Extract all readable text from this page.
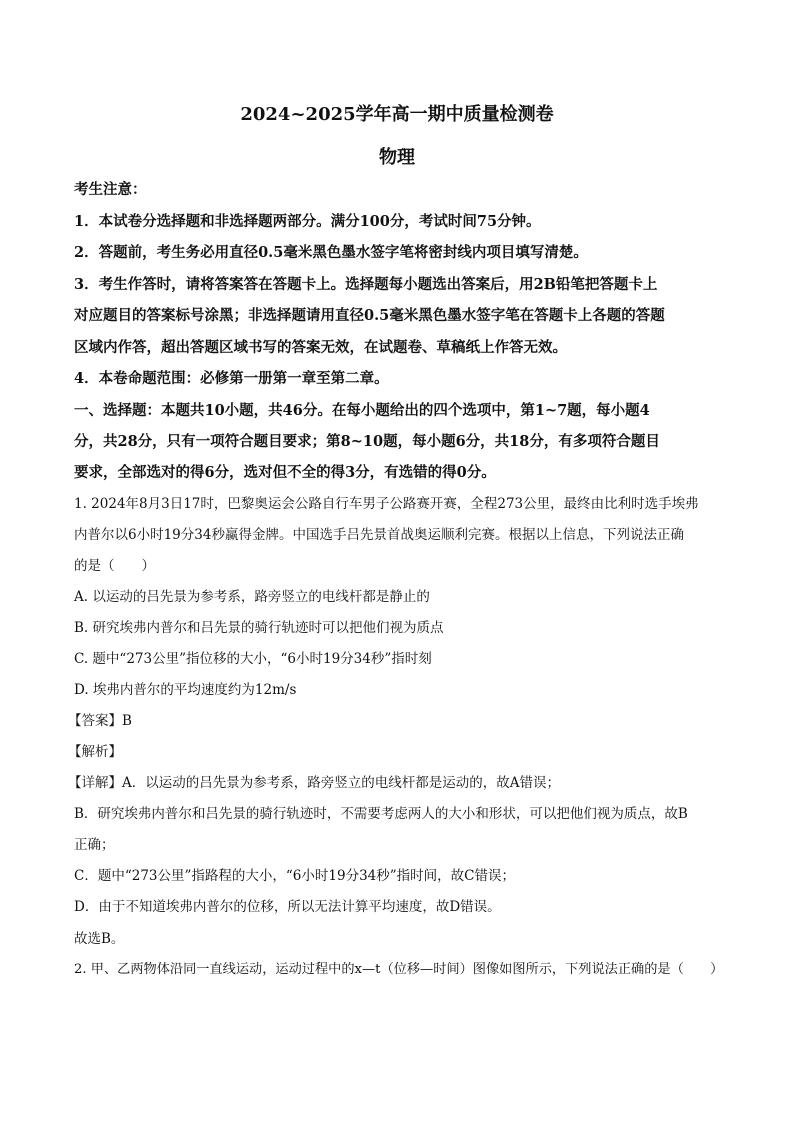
2024~2025学年高一期中质量检测卷
物理
考生注意：
1．本试卷分选择题和非选择题两部分。满分100分，考试时间75分钟。
2．答题前，考生务必用直径0.5毫米黑色墨水签字笔将密封线内项目填写清楚。
3．考生作答时，请将答案答在答题卡上。选择题每小题选出答案后，用2B铅笔把答题卡上
对应题目的答案标号涂黑；非选择题请用直径0.5毫米黑色墨水签字笔在答题卡上各题的答题
区域内作答，超出答题区域书写的答案无效，在试题卷、草稿纸上作答无效。
4．本卷命题范围：必修第一册第一章至第二章。
一、选择题：本题共10小题，共46分。在每小题给出的四个选项中，第1~7题，每小题4
分，共28分，只有一项符合题目要求；第8~10题，每小题6分，共18分，有多项符合题目
要求，全部选对的得6分，选对但不全的得3分，有选错的得0分。
1. 2024年8月3日17时，巴黎奥运会公路自行车男子公路赛开赛，全程273公里，最终由比利时选手埃弗
内普尔以6小时19分34秒赢得金牌。中国选手吕先景首战奥运顺利完赛。根据以上信息，下列说法正确
的是（　　）
A. 以运动的吕先景为参考系，路旁竖立的电线杆都是静止的
B. 研究埃弗内普尔和吕先景的骑行轨迹时可以把他们视为质点
C. 题中“273公里”指位移的大小，“6小时19分34秒”指时刻
D. 埃弗内普尔的平均速度约为12m/s
【答案】B
【解析】
【详解】A．以运动的吕先景为参考系，路旁竖立的电线杆都是运动的，故A错误；
B．研究埃弗内普尔和吕先景的骑行轨迹时，不需要考虑两人的大小和形状，可以把他们视为质点，故B
正确；
C．题中“273公里”指路程的大小，“6小时19分34秒”指时间，故C错误；
D．由于不知道埃弗内普尔的位移，所以无法计算平均速度，故D错误。
故选B。
2. 甲、乙两物体沿同一直线运动，运动过程中的x—t（位移—时间）图像如图所示，下列说法正确的是（　　）
